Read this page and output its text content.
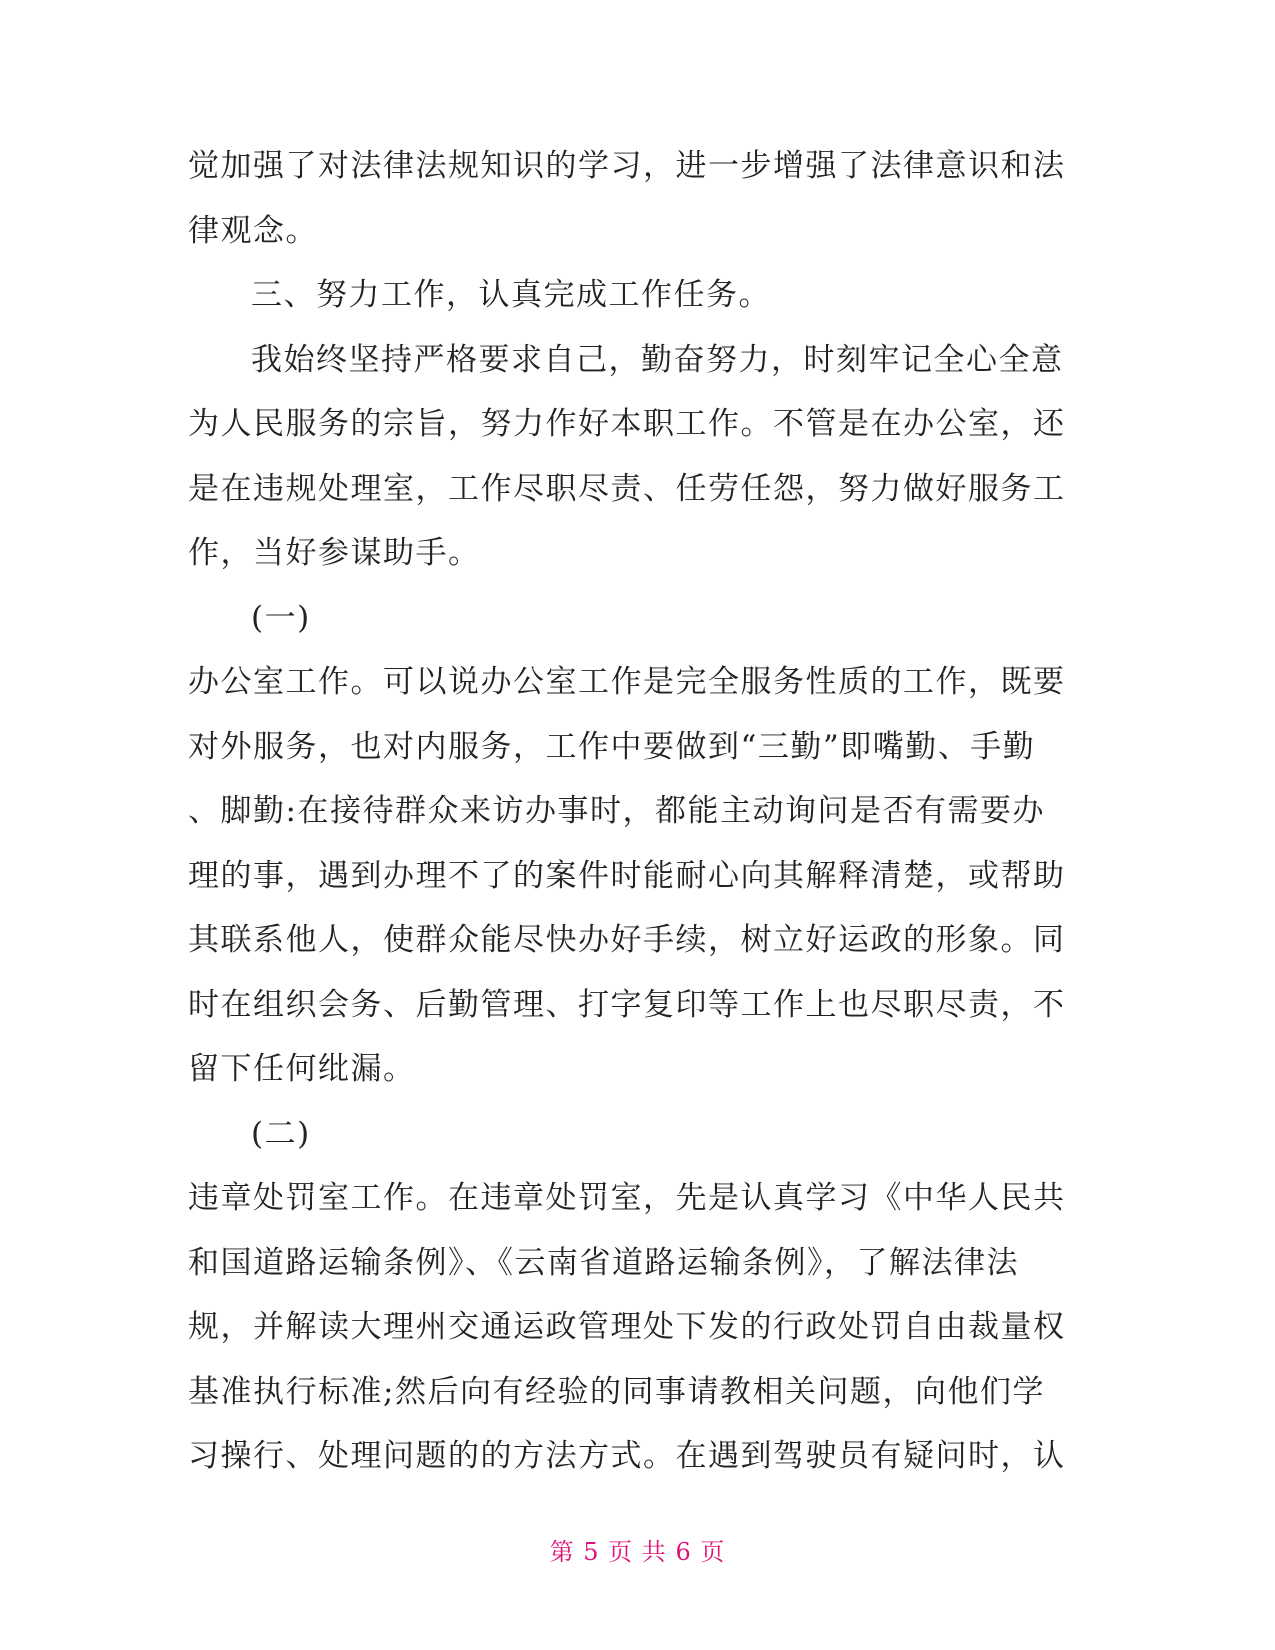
觉加强了对法律法规知识的学习，进一步增强了法律意识和法
律观念。
三、努力工作，认真完成工作任务。
我始终坚持严格要求自己，勤奋努力，时刻牢记全心全意
为人民服务的宗旨，努力作好本职工作。不管是在办公室，还
是在违规处理室，工作尽职尽责、任劳任怨，努力做好服务工
作，当好参谋助手。
(一)
办公室工作。可以说办公室工作是完全服务性质的工作，既要
对外服务，也对内服务，工作中要做到“三勤”即嘴勤、手勤
、脚勤:在接待群众来访办事时，都能主动询问是否有需要办
理的事，遇到办理不了的案件时能耐心向其解释清楚，或帮助
其联系他人，使群众能尽快办好手续，树立好运政的形象。同
时在组织会务、后勤管理、打字复印等工作上也尽职尽责，不
留下任何纰漏。
(二)
违章处罚室工作。在违章处罚室，先是认真学习《中华人民共
和国道路运输条例》、《云南省道路运输条例》，了解法律法
规，并解读大理州交通运政管理处下发的行政处罚自由裁量权
基准执行标准;然后向有经验的同事请教相关问题，向他们学
习操行、处理问题的的方法方式。在遇到驾驶员有疑问时，认
第 5 页 共 6 页
